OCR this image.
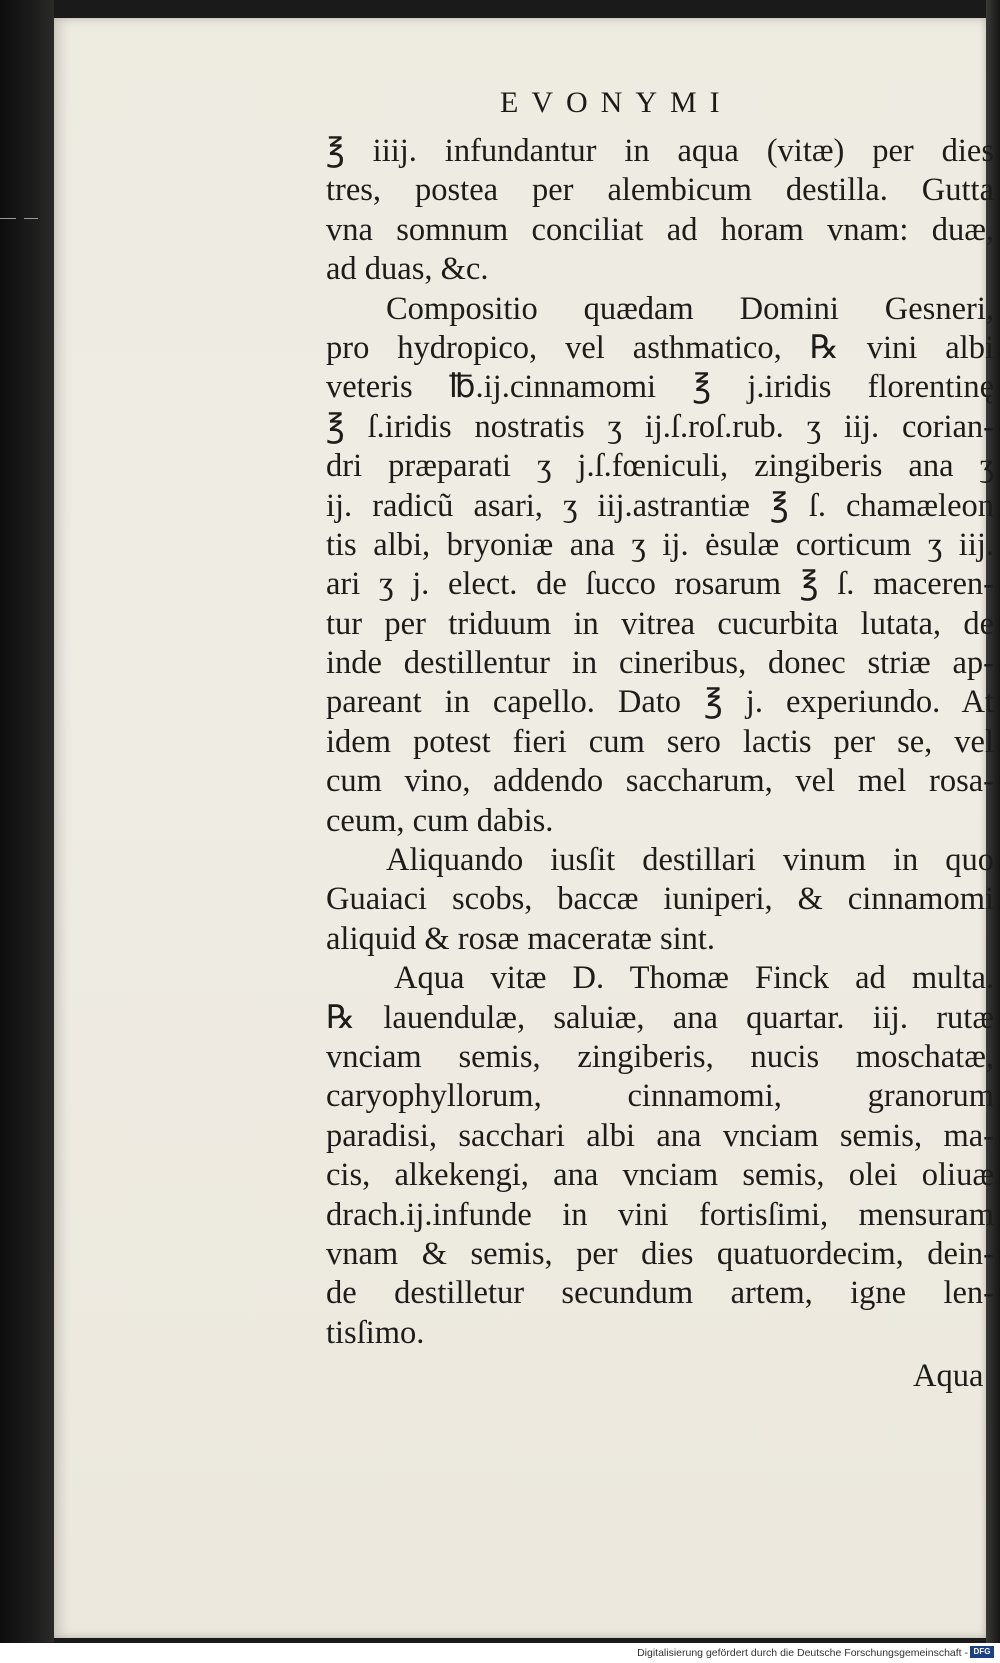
EVONYMI
℥ iiij. infundantur in aqua (vitæ) per dies
tres, postea per alembicum destilla. Gutta
vna somnum conciliat ad horam vnam: duæ,
ad duas, &c.
Compositio quædam Domini Gesneri,
pro hydropico, vel asthmatico, ℞ vini albi
veteris ℔.ij.cinnamomi ℥ j.iridis florentinę
℥ ſ.iridis nostratis ʒ ij.ſ.roſ.rub. ʒ iij. corian-
dri præparati ʒ j.ſ.fœniculi, zingiberis ana ʒ
ij. radicũ asari, ʒ iij.astrantiæ ℥ ſ. chamæleon
tis albi, bryoniæ ana ʒ ij. ėsulæ corticum ʒ iij.
ari ʒ j. elect. de ſucco rosarum ℥ ſ. maceren-
tur per triduum in vitrea cucurbita lutata, de
inde destillentur in cineribus, donec striæ ap-
pareant in capello. Dato ℥ j. experiundo. At
idem potest fieri cum sero lactis per se, vel
cum vino, addendo saccharum, vel mel rosa-
ceum, cum dabis.
Aliquando iusſit destillari vinum in quo
Guaiaci scobs, baccæ iuniperi, & cinnamomi
aliquid & rosæ maceratæ sint.
Aqua vitæ D. Thomæ Finck ad multa.
℞ lauendulæ, saluiæ, ana quartar. iij. rutæ
vnciam semis, zingiberis, nucis moschatæ,
caryophyllorum, cinnamomi, granorum
paradisi, sacchari albi ana vnciam semis, ma-
cis, alkekengi, ana vnciam semis, olei oliuæ
drach.ij.infunde in vini fortisſimi, mensuram
vnam & semis, per dies quatuordecim, dein-
de destilletur secundum artem, igne len-
tisſimo.
Aqua
Digitalisierung gefördert durch die Deutsche Forschungsgemeinschaft - DFG
